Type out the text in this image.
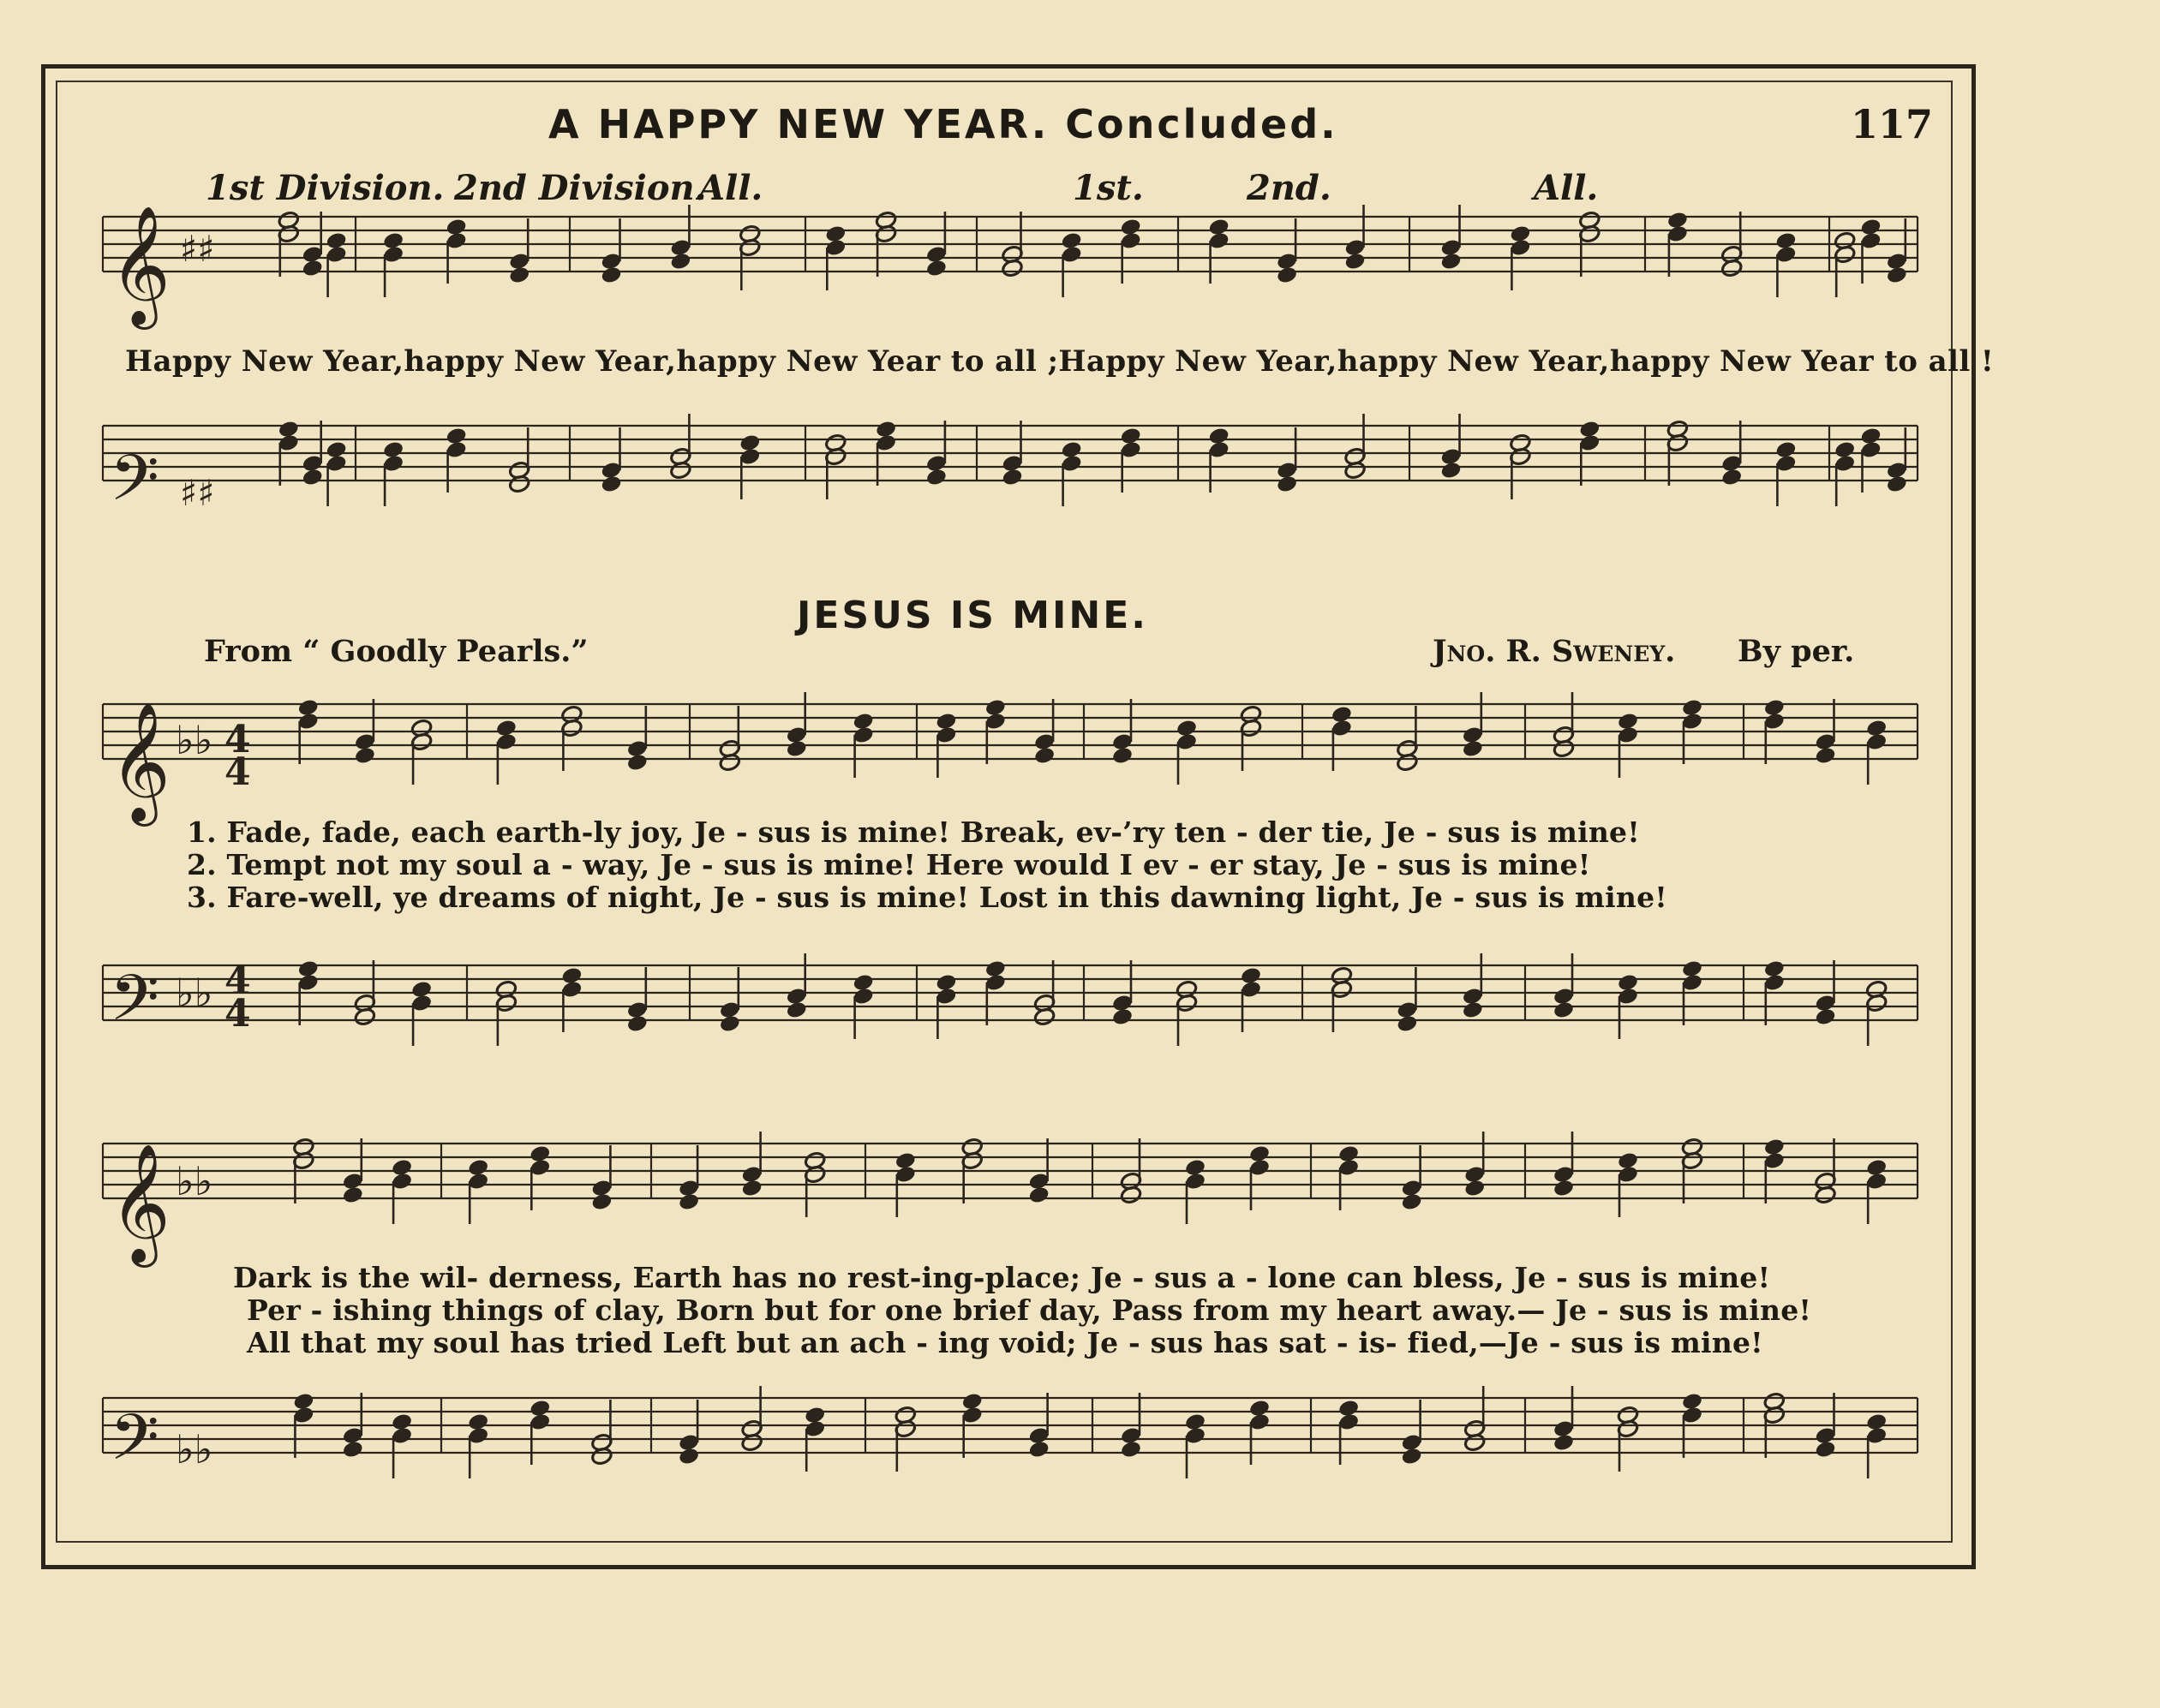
A HAPPY NEW YEAR. Concluded.	117
1st Division. 2nd Division.
All.	1st.	2nd.	All.
Happy New Year,happy New Year,happy New Year to all ;Happy New Year,happy New Year,happy New Year to all !
JESUS IS MINE.
From “ Goodly Pearls.”	Jno. R. Sweney. By per.
1. Fade, fade, each earth-ly joy, Je - sus is mine! Break, ev-’ry ten - der tie, Je - sus is mine!
2. Tempt not my soul a - way, Je - sus is mine! Here would I ev - er stay, Je - sus is mine!
3. Fare-well, ye dreams of night, Je - sus is mine! Lost in this dawning light, Je - sus is mine!
Dark is the wil- derness, Earth has no rest-ing-place; Je - sus a - lone can bless, Je - sus is mine!
Per - ishing things of clay, Born but for one brief day, Pass from my heart away.— Je - sus is mine!
All that my soul has tried Left but an ach - ing void; Je - sus has sat - is- fied,—Je - sus is mine!
𝄞
𝄢
𝄞
𝄢
𝄞
𝄢
♯♯
♯♯
♭♭ 4
4
♭♭ 4
4
♭♭
♭♭
